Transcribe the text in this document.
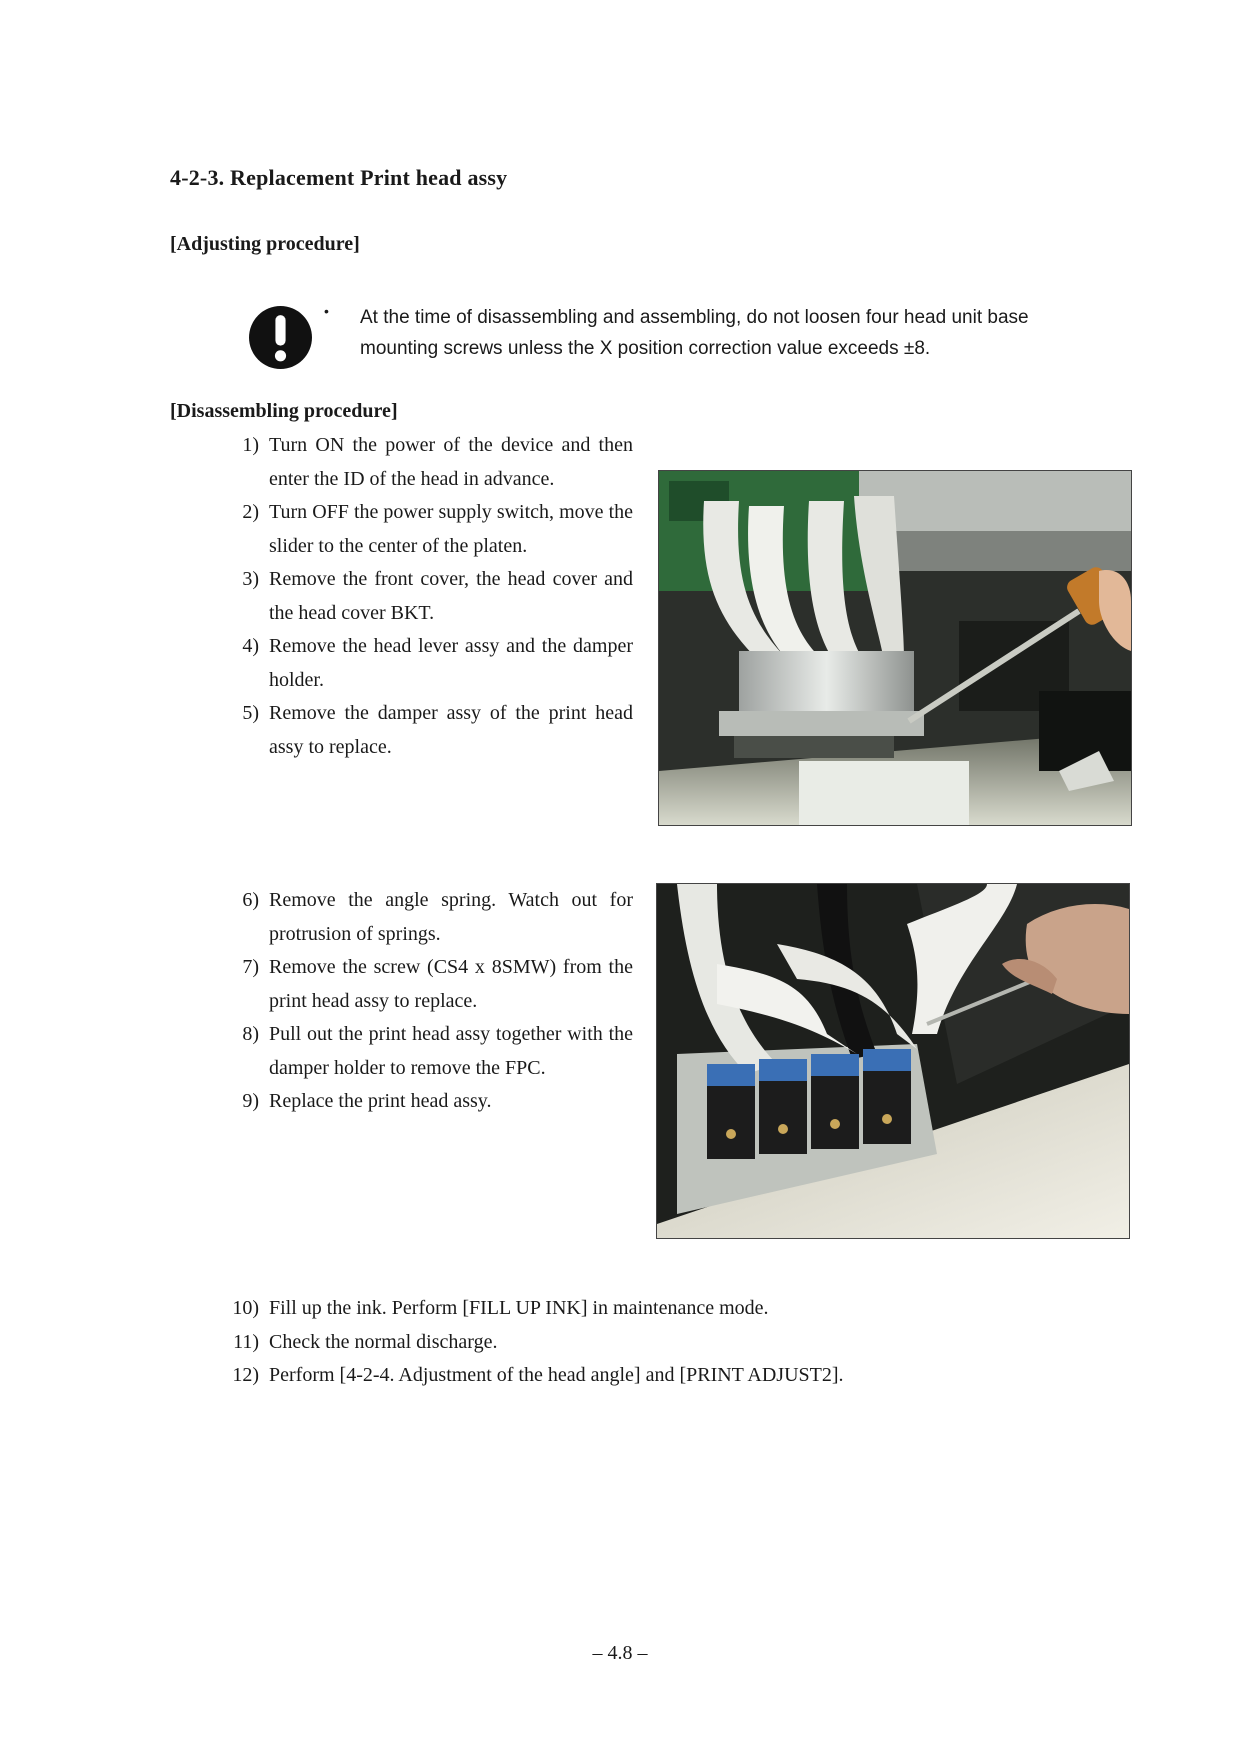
4-2-3. Replacement Print head assy
[Adjusting procedure]
• At the time of disassembling and assembling, do not loosen four head unit base mounting screws unless the X position correction value exceeds ±8.
[Disassembling procedure]
1) Turn ON the power of the device and then enter the ID of the head in advance.
2) Turn OFF the power supply switch, move the slider to the center of the platen.
3) Remove the front cover, the head cover and the head cover BKT.
4) Remove the head lever assy and the damper holder.
5) Remove the damper assy of the print head assy to replace.
6) Remove the angle spring. Watch out for protrusion of springs.
7) Remove the screw (CS4 x 8SMW) from the print head assy to replace.
8) Pull out the print head assy together with the damper holder to remove the FPC.
9) Replace the print head assy.
10) Fill up the ink. Perform [FILL UP INK] in maintenance mode.
11) Check the normal discharge.
12) Perform [4-2-4. Adjustment of the head angle] and [PRINT ADJUST2].
– 4.8 –
